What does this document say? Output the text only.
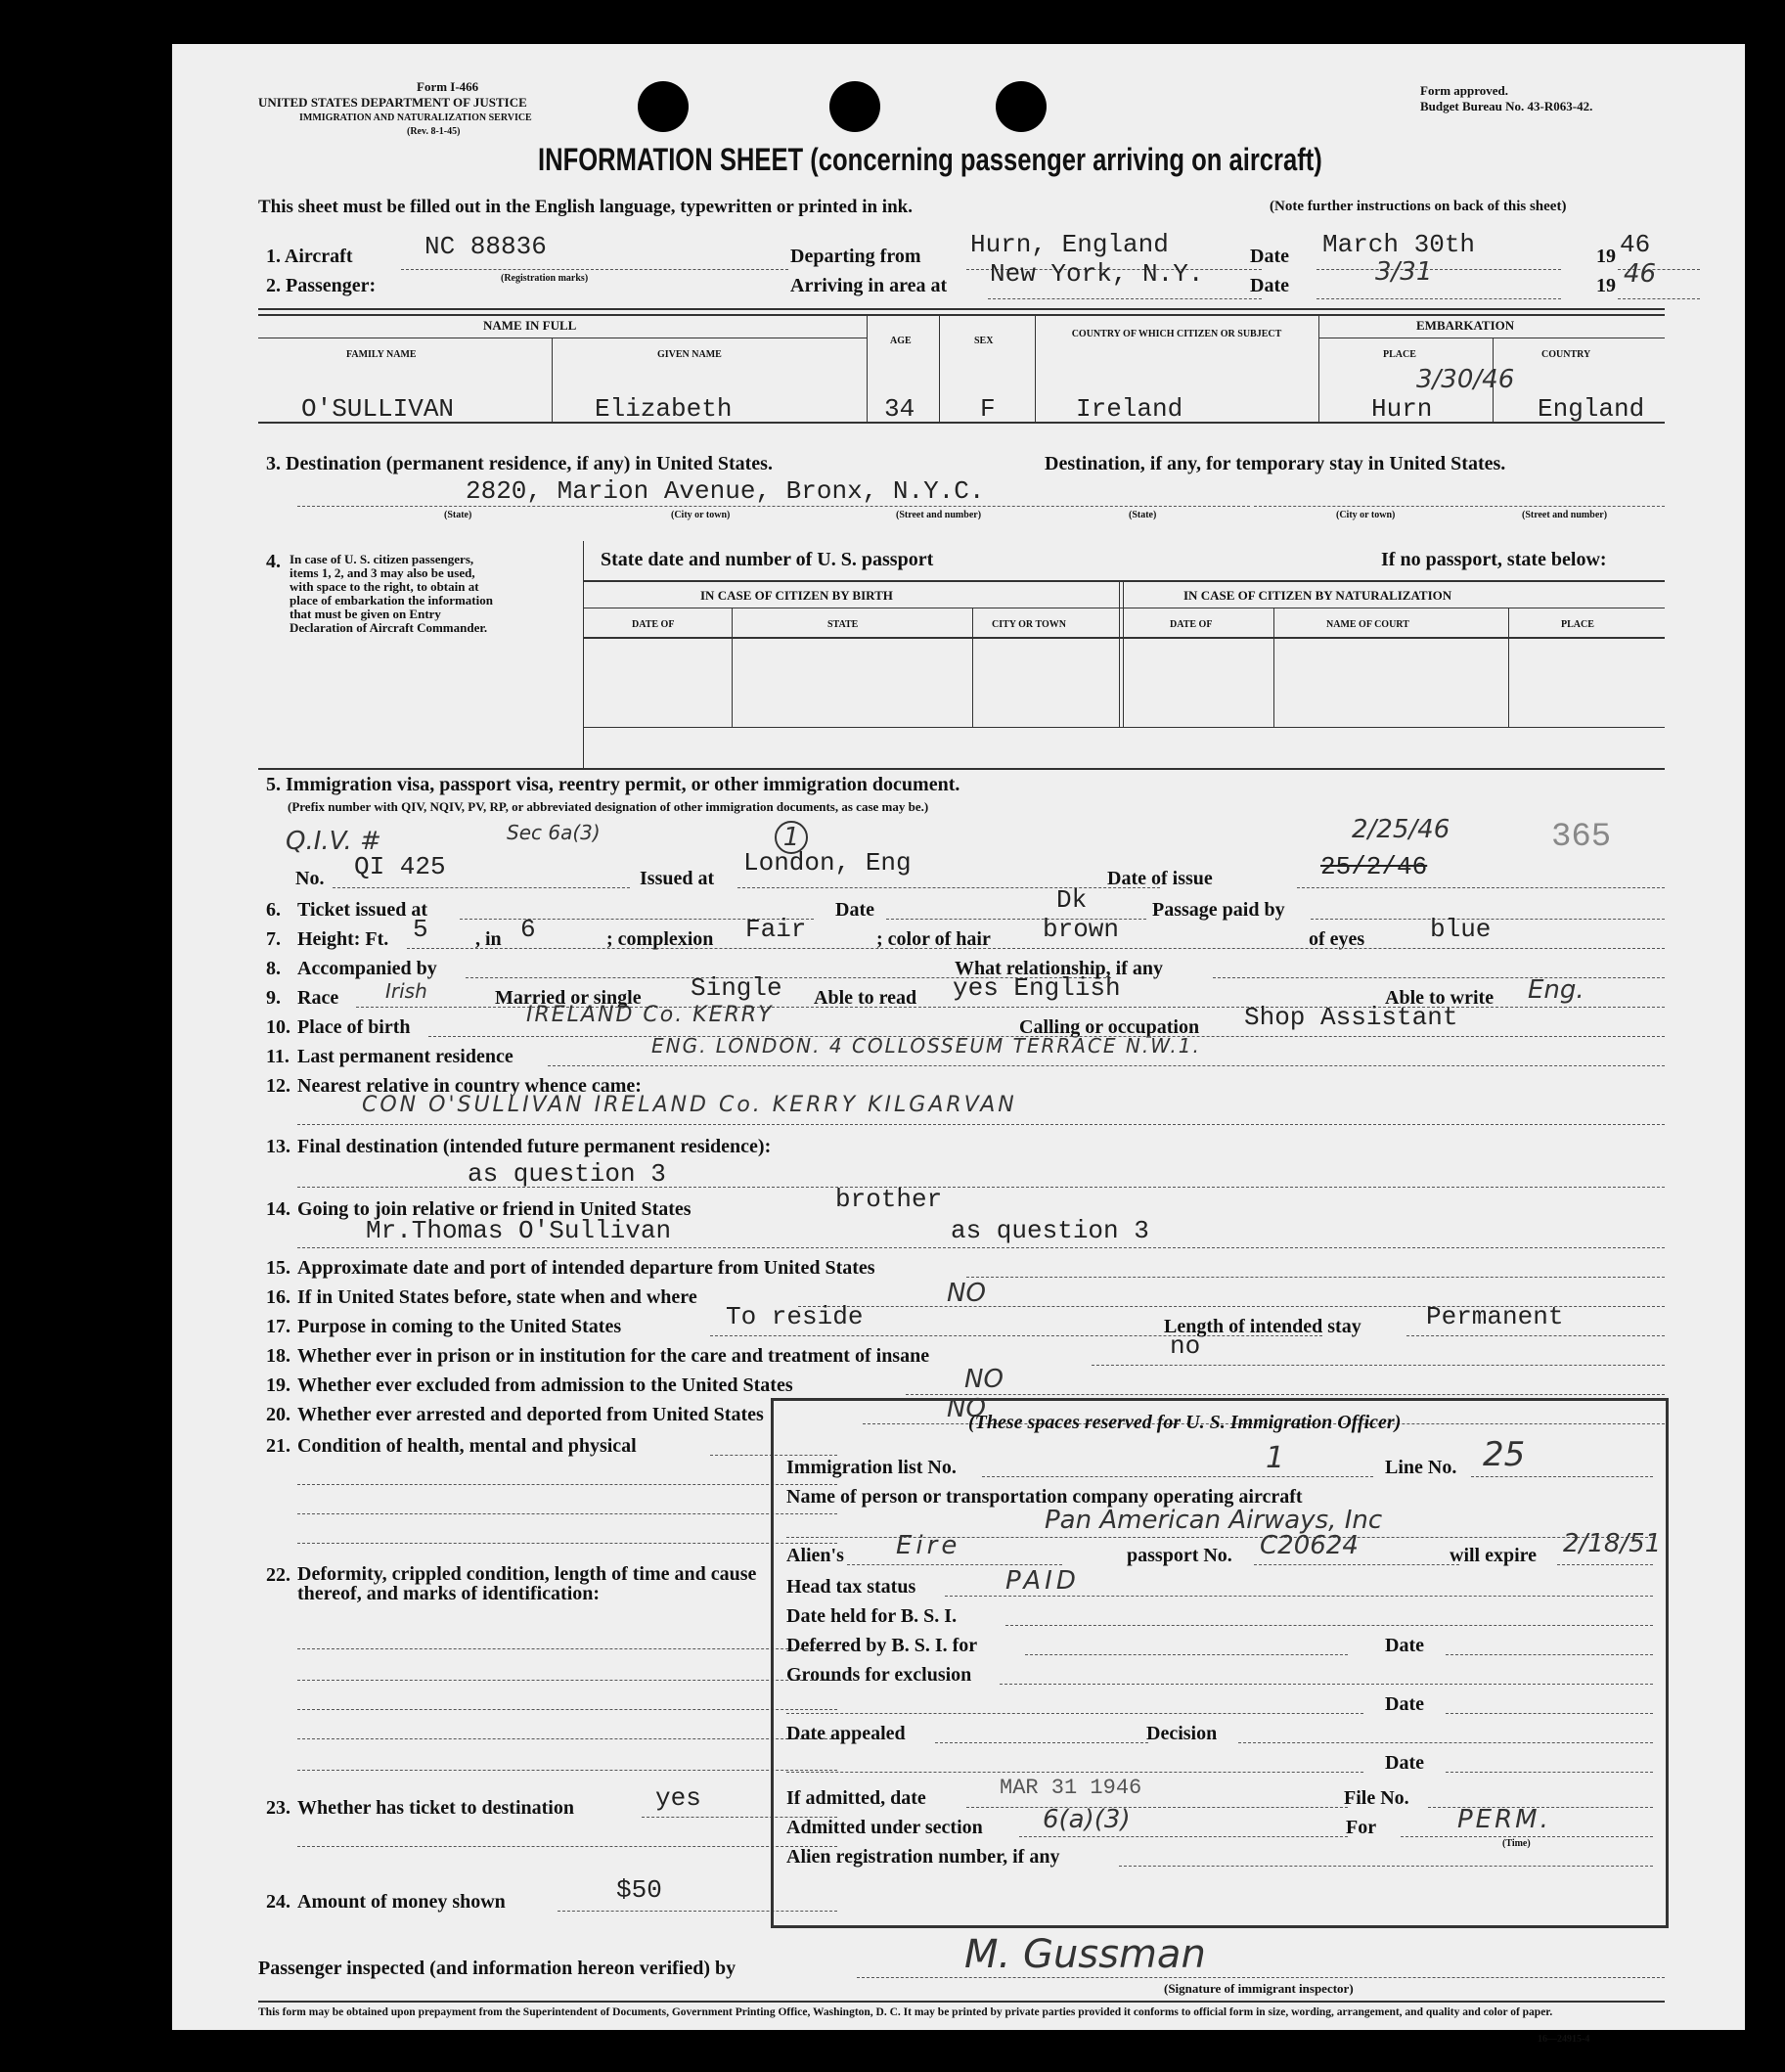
Form I-466
UNITED STATES DEPARTMENT OF JUSTICE
IMMIGRATION AND NATURALIZATION SERVICE
(Rev. 8-1-45)
Form approved.
Budget Bureau No. 43-R063-42.
INFORMATION SHEET (concerning passenger arriving on aircraft)
This sheet must be filled out in the English language, typewritten or printed in ink.	(Note further instructions on back of this sheet)
1. Aircraft	NC 88836
(Registration marks)
Departing from Hurn, England	Date March 30th	19 46
2. Passenger:	Arriving in area at New York, N.Y. Date	3/31	19 46
NAME IN FULL
FAMILY NAME	GIVEN NAME
AGE	SEX
COUNTRY OF WHICH CITIZEN OR SUBJECT
EMBARKATION
PLACE	COUNTRY
O'SULLIVAN	Elizabeth	34	F	Ireland	Hurn	England
3/30/46
3. Destination (permanent residence, if any) in United States.	Destination, if any, for temporary stay in United States.
2820, Marion Avenue, Bronx, N.Y.C.
(State)	(City or town)	(Street and number)	(State)	(City or town)	(Street and number)
4. In case of U. S. citizen passengers, items 1, 2, and 3 may also be used, with space to the right, to obtain at place of embarkation the information that must be given on Entry Declaration of Aircraft Commander.
State date and number of U. S. passport	If no passport, state below:
IN CASE OF CITIZEN BY BIRTH	IN CASE OF CITIZEN BY NATURALIZATION
DATE OF	STATE	CITY OR TOWN	DATE OF	NAME OF COURT	PLACE
5. Immigration visa, passport visa, reentry permit, or other immigration document.
(Prefix number with QIV, NQIV, PV, RP, or abbreviated designation of other immigration documents, as case may be.)
Q.I.V. #	Sec 6a(3)	1
No. QI 425	Issued at
London, Eng
Date of issue	25/2/46
2/25/46	365
6. Ticket issued at	Date	Dk	Passage paid by
7. Height: Ft. 5 , in 6	; complexion Fair	; color of hair brown	of eyes	blue
8. Accompanied by	What relationship, if any
9. Race Irish	Married or single Single Able to read yes English	Able to write Eng.
10. Place of birth	IRELAND Co. KERRY	Calling or occupation Shop Assistant
11. Last permanent residence	ENG. LONDON. 4 COLLOSSEUM TERRACE N.W.1.
12. Nearest relative in country whence came:
CON O'SULLIVAN IRELAND Co. KERRY KILGARVAN
13. Final destination (intended future permanent residence):
as question 3
14. Going to join relative or friend in United States	brother
Mr.Thomas O'Sullivan	as question 3
15. Approximate date and port of intended departure from United States
16. If in United States before, state when and where	NO
17. Purpose in coming to the United States	To reside	Length of intended stay	Permanent
18. Whether ever in prison or in institution for the care and treatment of insane	no
19. Whether ever excluded from admission to the United States	NO
20. Whether ever arrested and deported from United States	NO
21. Condition of health, mental and physical
22. Deformity, crippled condition, length of time and cause thereof, and marks of identification:
23. Whether has ticket to destination	yes
24. Amount of money shown	$50
(These spaces reserved for U. S. Immigration Officer)
Immigration list No.	1	Line No. 25
Name of person or transportation company operating aircraft
Pan American Airways, Inc
Alien's Eire	passport No. C20624	will expire 2/18/51
Head tax status	PAID
Date held for B. S. I.
Deferred by B. S. I. for	Date
Grounds for exclusion
Date
Date appealed	Decision
Date
If admitted, date	MAR 31 1946	File No.
Admitted under section 6(a)(3)	For	PERM.
(Time)
Alien registration number, if any
Passenger inspected (and information hereon verified) by	M. Gussman
(Signature of immigrant inspector)
This form may be obtained upon prepayment from the Superintendent of Documents, Government Printing Office, Washington, D. C. It may be printed by private parties provided it conforms to official form in size, wording, arrangement, and quality and color of paper.
16—24915-4
